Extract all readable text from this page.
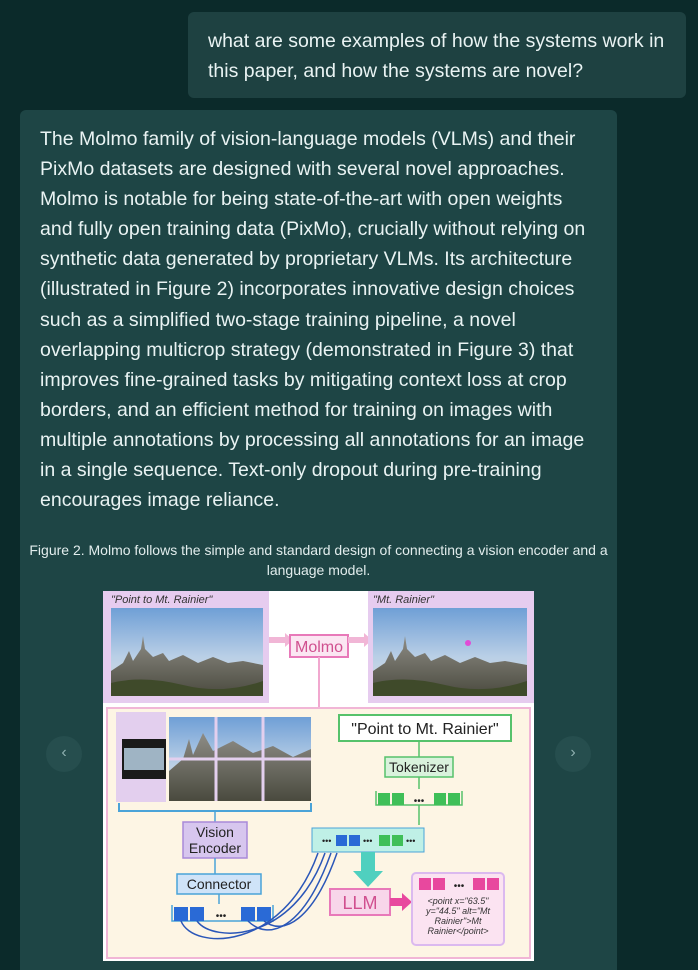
what are some examples of how the systems work in this paper, and how the systems are novel?

The Molmo family of vision-language models (VLMs) and their PixMo datasets are designed with several novel approaches. Molmo is notable for being state-of-the-art with open weights and fully open training data (PixMo), crucially without relying on synthetic data generated by proprietary VLMs. Its architecture (illustrated in Figure 2) incorporates innovative design choices such as a simplified two-stage training pipeline, a novel overlapping multicrop strategy (demonstrated in Figure 3) that improves fine-grained tasks by mitigating context loss at crop borders, and an efficient method for training on images with multiple annotations by processing all annotations for an image in a single sequence. Text-only dropout during pre-training encourages image reliance.

Figure 2. Molmo follows the simple and standard design of connecting a vision encoder and a language model.
"Point to Mt. Rainier"
Molmo
"Mt. Rainier"
"Point to Mt. Rainier"
Tokenizer
•••
Vision
Encoder
Connector
•••
•••	•••	•••
LLM
•••
<point x="63.5"
y="44.5" alt="Mt
Rainier">Mt
Rainier</point>
‹	›
